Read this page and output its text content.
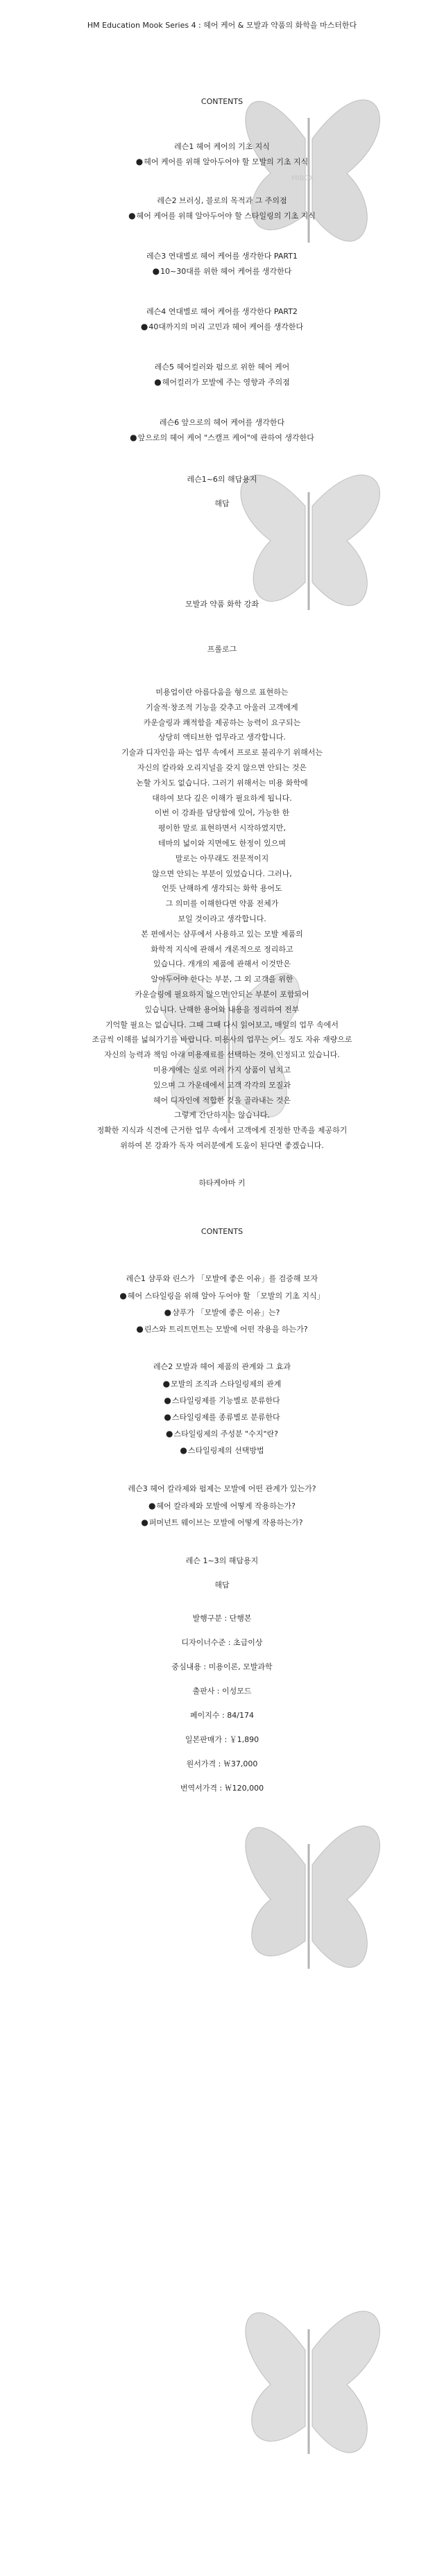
MIBOX
HM Education Mook Series 4 : 헤어 케어 & 모발과 약품의 화학을 마스터한다
CONTENTS
레슨1 헤어 케어의 기초 지식
● 헤어 케어를 위해 알아두어야 할 모발의 기초 지식
레슨2 브러싱, 블로의 목적과 그 주의점
● 헤어 케어를 위해 알아두어야 할 스타일링의 기초 지식
레슨3 연대별로 헤어 케어를 생각한다 PART1
● 10~30대를 위한 헤어 케어를 생각한다
레슨4 연대별로 헤어 케어를 생각한다 PART2
● 40대까지의 머리 고민과 헤어 케어를 생각한다
레슨5 헤어컬러와 펌으로 위한 헤어 케어
● 헤어컬러가 모발에 주는 영향과 주의점
레슨6 앞으로의 헤어 케어를 생각한다
● 앞으로의 헤어 케어 "스캘프 케어"에 관하여 생각한다
레슨1~6의 해답용지
해답
모발과 약품 화학 강좌
프롤로그
미용업이란 아름다움을 형으로 표현하는
기술적·창조적 기능을 갖추고 아울러 고객에게
카운슬링과 쾌적함을 제공하는 능력이 요구되는
상당히 액티브한 업무라고 생각합니다.
기술과 디자인을 파는 업무 속에서 프로로 불리우기 위해서는
자신의 칼라와 오리지널을 갖지 않으면 안되는 것은
논할 가치도 없습니다. 그러기 위해서는 미용 화학에
대하여 보다 깊은 이해가 필요하게 됩니다.
이번 이 강좌를 담당함에 있어, 가능한 한
평이한 말로 표현하면서 시작하였지만,
테마의 넓이와 지면에도 한정이 있으며
말로는 아무래도 전문적이지
않으면 안되는 부분이 있었습니다. 그러나,
언뜻 난해하게 생각되는 화학 용어도
그 의미를 이해한다면 약품 전체가
보일 것이라고 생각합니다.
본 편에서는 샴푸에서 사용하고 있는 모발 제품의
화학적 지식에 관해서 개론적으로 정리하고
있습니다. 개개의 제품에 관해서 이것만은
알아두어야 한다는 부분, 그 외 고객을 위한
카운슬링에 필요하지 않으면 안되는 부분이 포함되어
있습니다. 난해한 용어와 내용을 정리하여 전부
기억할 필요는 없습니다. 그때 그때 다시 읽어보고, 매일의 업무 속에서
조금씩 이해를 넓혀가기를 바랍니다. 미용사의 업무는 어느 정도 자유 재량으로
자신의 능력과 책임 아래 미용재료를 선택하는 것이 인정되고 있습니다.
미용계에는 실로 여러 가지 상품이 넘치고
있으며 그 가운데에서 고객 각각의 모질과
헤어 디자인에 적합한 것을 골라내는 것은
그렇게 간단하지는 않습니다.
정확한 지식과 식견에 근거한 업무 속에서 고객에게 진정한 만족을 제공하기
위하여 본 강좌가 독자 여러분에게 도움이 된다면 좋겠습니다.
하타케야마 키
CONTENTS
레슨1 샴푸와 린스가 「모발에 좋은 이유」를 검증해 보자
● 헤어 스타일링을 위해 알아 두어야 할 「모발의 기초 지식」
● 샴푸가 「모발에 좋은 이유」는?
● 린스와 트리트먼트는 모발에 어떤 작용을 하는가?
레슨2 모발과 헤어 제품의 관계와 그 효과
● 모발의 조직과 스타일링제의 관계
● 스타일링제를 기능별로 분류한다
● 스타일링제를 종류별로 분류한다
● 스타일링제의 주성분 "수지"란?
● 스타일링제의 선택방법
레슨3 헤어 칼라제와 펌제는 모발에 어떤 관계가 있는가?
● 헤어 칼라제와 모발에 어떻게 작용하는가?
● 퍼머넌트 웨이브는 모발에 어떻게 작용하는가?
레슨 1~3의 해답용지
해답
발행구분 : 단행본
디자이너수준 : 초급이상
중심내용 : 미용이론, 모발과학
출판사 : 이성모드
페이지수 : 84/174
일본판매가 : ￥1,890
원서가격 : ￦37,000
번역서가격 : ￦120,000
